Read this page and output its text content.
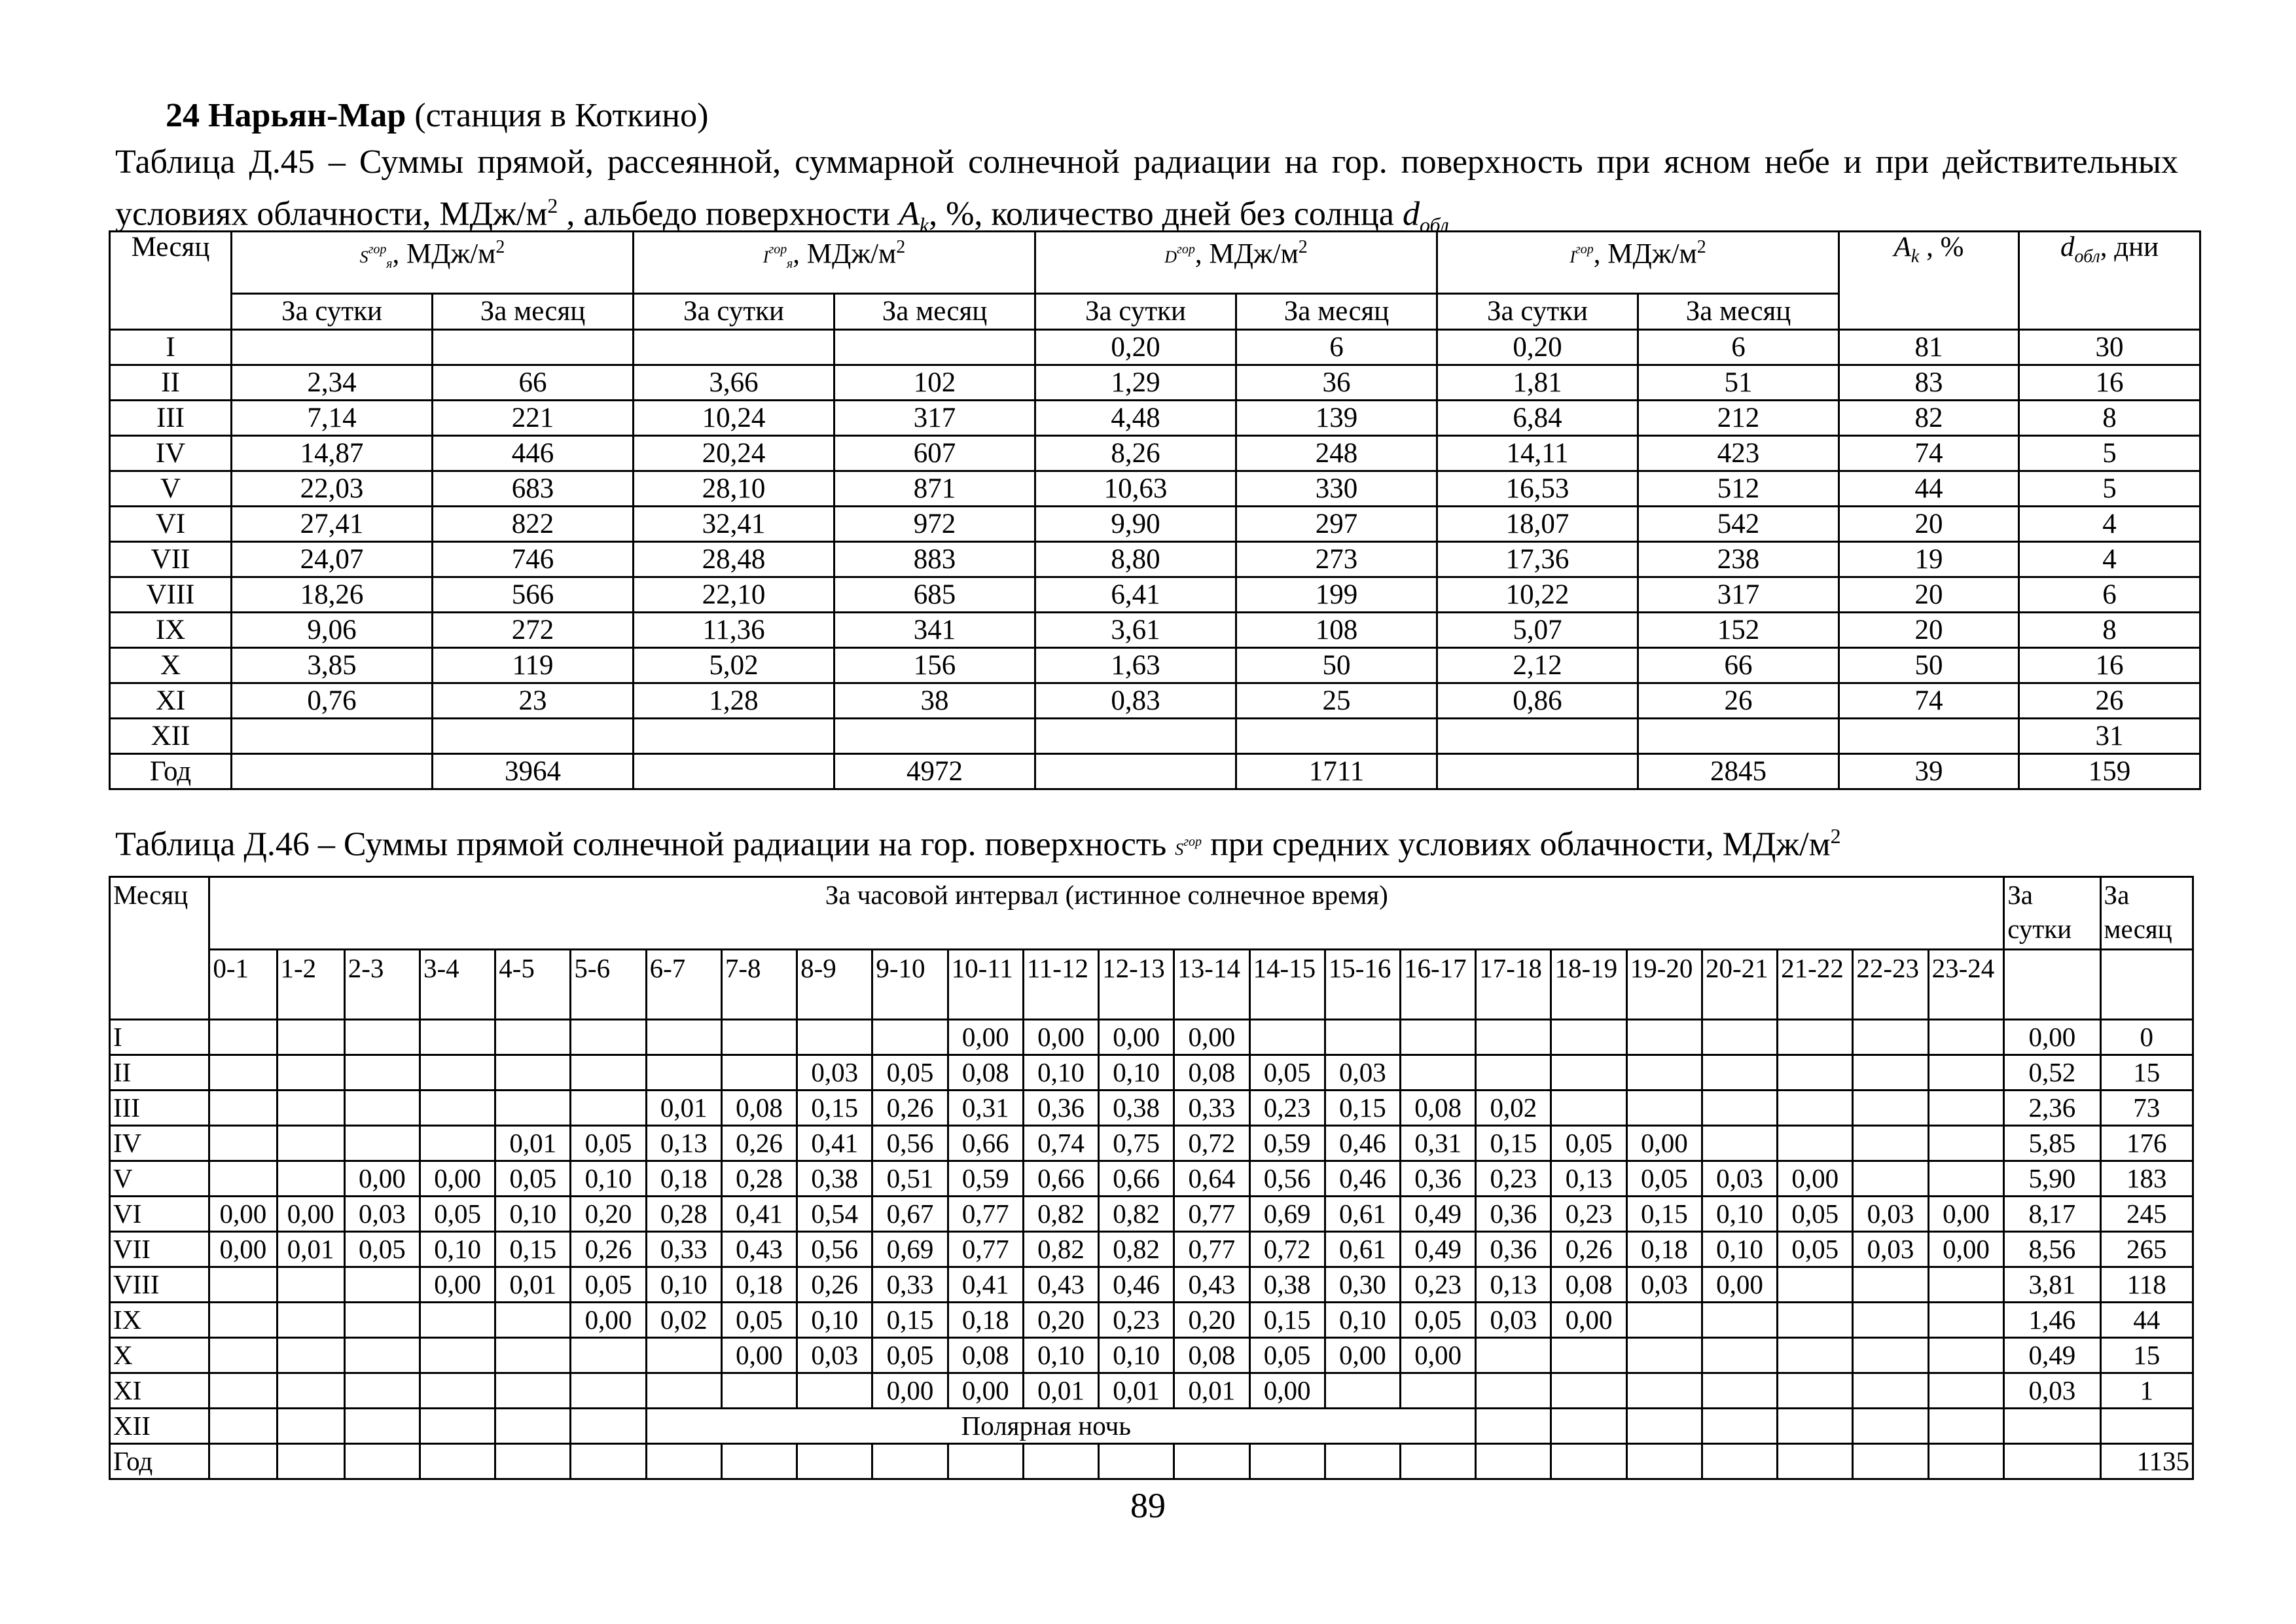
24 Нарьян-Мар (станция в Коткино)
Таблица Д.45 – Суммы прямой, рассеянной, суммарной солнечной радиации на гор. поверхность при ясном небе и при действительных условиях облачности, МДж/$м^2$ , альбедо поверхности $A_k$, %, количество дней без солнца $d_{обл}$
Месяц	$S^{гор}я$, МДж/$м^2$		$I^{гор}я$, МДж/$м^2$		$D^{гор}$, МДж/$м^2$		$I^{гор}$, МДж/$м^2$		$A_k$ , %	$d_{обл}$, дни
	За сутки	За месяц	За сутки	За месяц	За сутки	За месяц	За сутки	За месяц		
I					0,20	6	0,20	6	81	30
II	2,34	66	3,66	102	1,29	36	1,81	51	83	16
III	7,14	221	10,24	317	4,48	139	6,84	212	82	8
IV	14,87	446	20,24	607	8,26	248	14,11	423	74	5
V	22,03	683	28,10	871	10,63	330	16,53	512	44	5
VI	27,41	822	32,41	972	9,90	297	18,07	542	20	4
VII	24,07	746	28,48	883	8,80	273	17,36	238	19	4
VIII	18,26	566	22,10	685	6,41	199	10,22	317	20	6
IX	9,06	272	11,36	341	3,61	108	5,07	152	20	8
X	3,85	119	5,02	156	1,63	50	2,12	66	50	16
XI	0,76	23	1,28	38	0,83	25	0,86	26	74	26
XII										31
Год		3964		4972		1711		2845	39	159
Таблица Д.46 – Суммы прямой солнечной радиации на гор. поверхность $S^{гор}$ при средних условиях облачности, МДж/$м^2$
Месяц	За часовой интервал (истинное солнечное время)																								За сутки	За месяц
	0-1	1-2	2-3	3-4	4-5	5-6	6-7	7-8	8-9	9-10	10-11	11-12	12-13	13-14	14-15	15-16	16-17	17-18	18-19	19-20	20-21	21-22	22-23	23-24		
I											0,00	0,00	0,00	0,00											0,00	0
II									0,03	0,05	0,08	0,10	0,10	0,08	0,05	0,03									0,52	15
III							0,01	0,08	0,15	0,26	0,31	0,36	0,38	0,33	0,23	0,15	0,08	0,02							2,36	73
IV					0,01	0,05	0,13	0,26	0,41	0,56	0,66	0,74	0,75	0,72	0,59	0,46	0,31	0,15	0,05	0,00					5,85	176
V			0,00	0,00	0,05	0,10	0,18	0,28	0,38	0,51	0,59	0,66	0,66	0,64	0,56	0,46	0,36	0,23	0,13	0,05	0,03	0,00			5,90	183
VI	0,00	0,00	0,03	0,05	0,10	0,20	0,28	0,41	0,54	0,67	0,77	0,82	0,82	0,77	0,69	0,61	0,49	0,36	0,23	0,15	0,10	0,05	0,03	0,00	8,17	245
VII	0,00	0,01	0,05	0,10	0,15	0,26	0,33	0,43	0,56	0,69	0,77	0,82	0,82	0,77	0,72	0,61	0,49	0,36	0,26	0,18	0,10	0,05	0,03	0,00	8,56	265
VIII				0,00	0,01	0,05	0,10	0,18	0,26	0,33	0,41	0,43	0,46	0,43	0,38	0,30	0,23	0,13	0,08	0,03	0,00				3,81	118
IX						0,00	0,02	0,05	0,10	0,15	0,18	0,20	0,23	0,20	0,15	0,10	0,05	0,03	0,00						1,46	44
X								0,00	0,03	0,05	0,08	0,10	0,10	0,08	0,05	0,00	0,00								0,49	15
XI										0,00	0,00	0,01	0,01	0,01	0,00										0,03	1
XII							Полярная ночь																			
Год																										1135
89
